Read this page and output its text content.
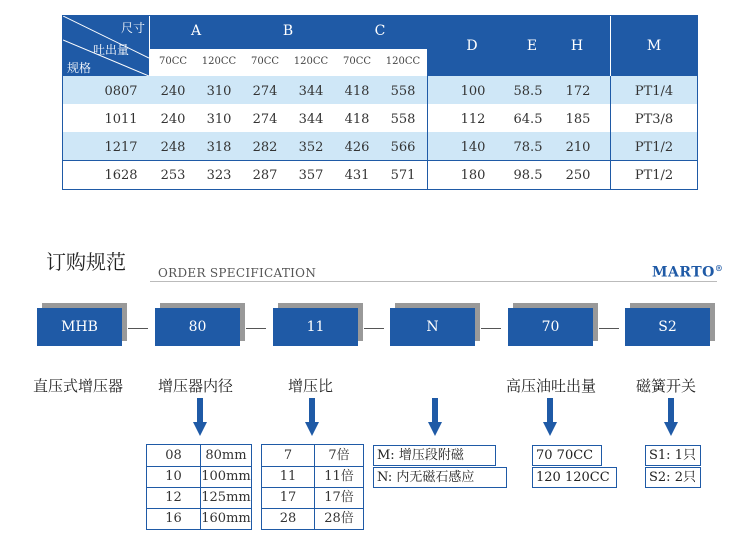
尺寸
吐出量
规格
A	B	C
70CC	120CC	70CC	120CC	70CC	120CC
D	E	H	M
0807	240	310	274	344	418	558	100	58.5	172	PT1/4
1011	240	310	274	344	418	558	112	64.5	185	PT3/8
1217	248	318	282	352	426	566	140	78.5	210	PT1/2
1628	253	323	287	357	431	571	180	98.5	250	PT1/2
订购规范	ORDER SPECIFICATION	MARTO®
MHB	80	11	N	70	S2
直压式增压器 增压器内径	增压比	高压油吐出量	磁簧开关
08	80mm
10	100mm
12	125mm
16	160mm
7	7倍
11	11倍
17	17倍
28	28倍
M: 增压段附磁
N: 内无磁石感应
70 70CC
120 120CC
S1: 1只
S2: 2只
